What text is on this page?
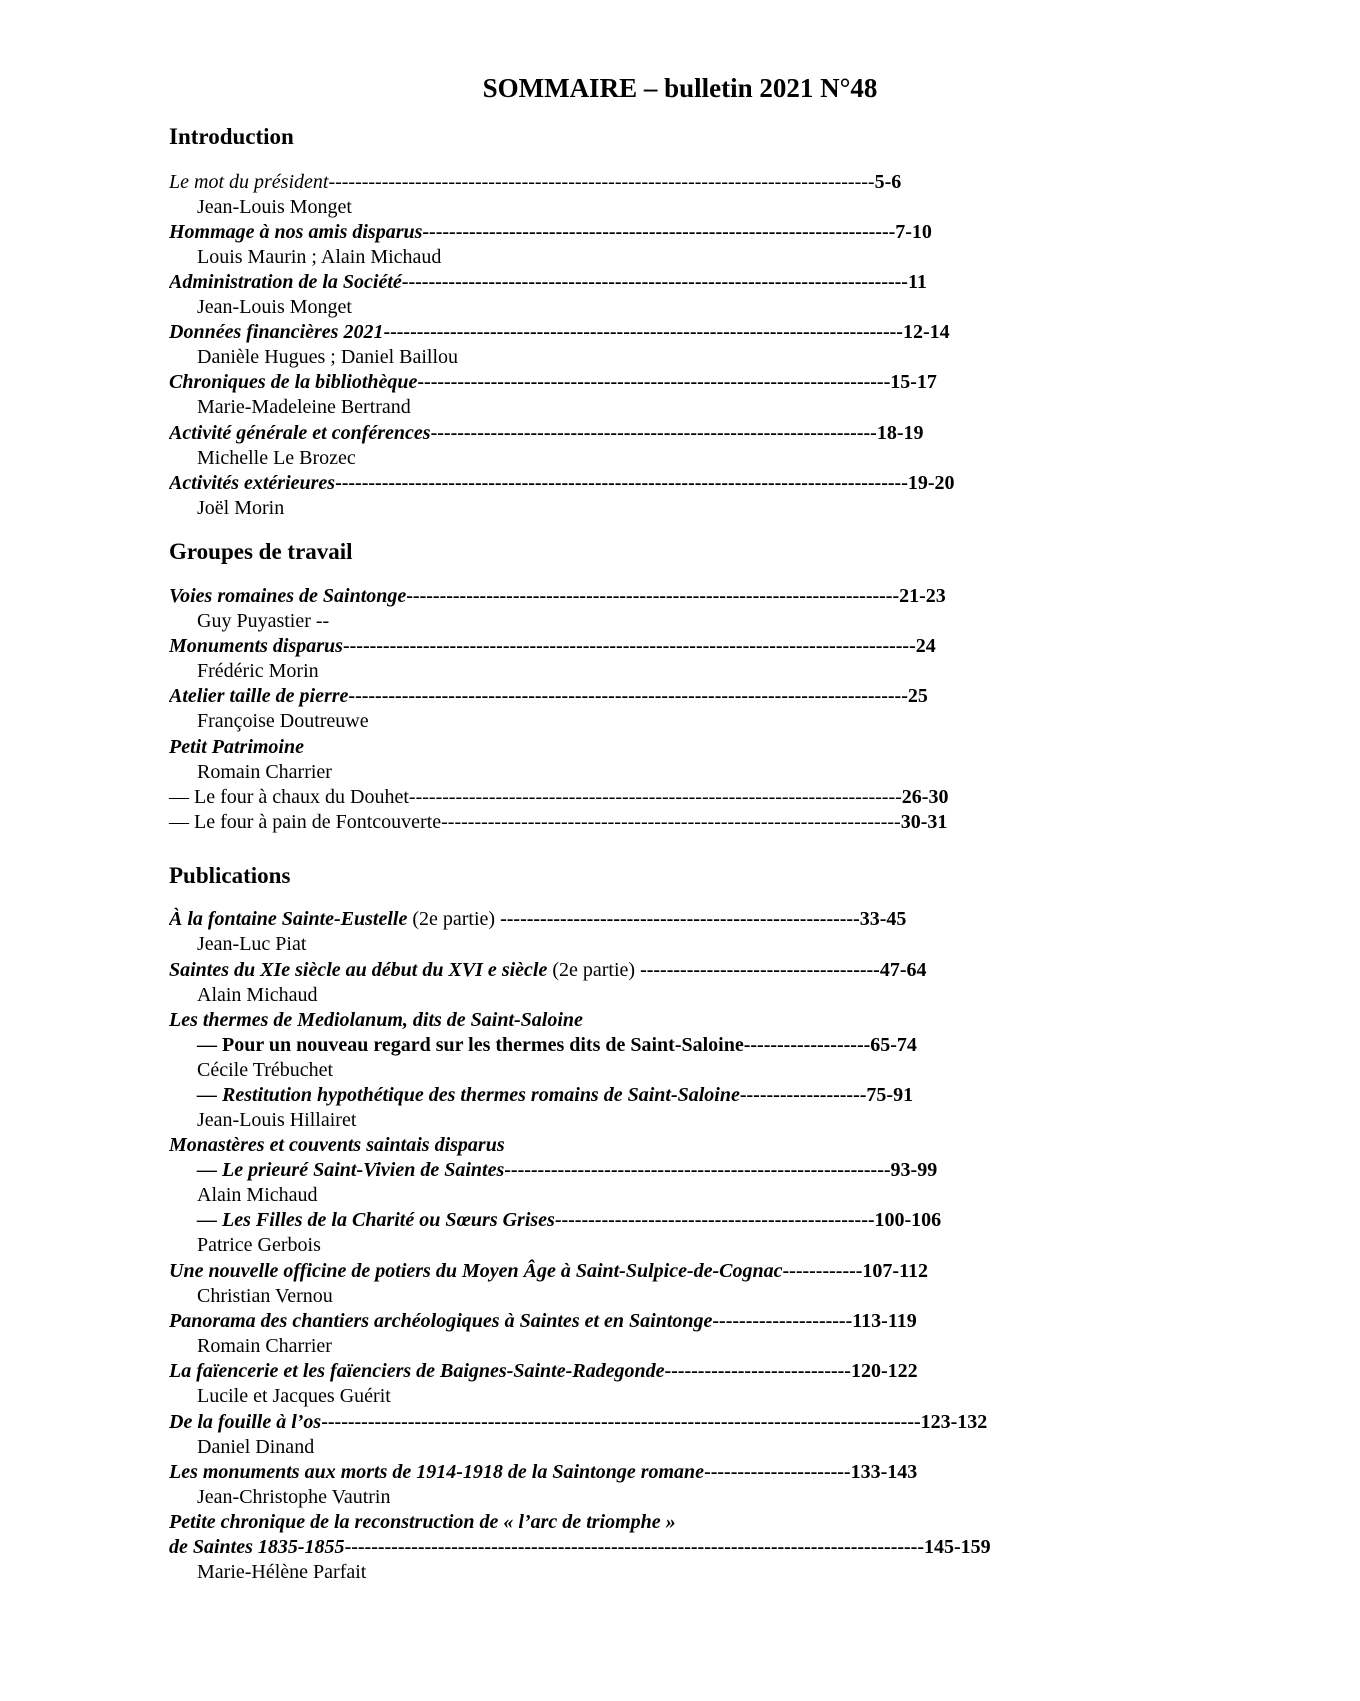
SOMMAIRE – bulletin 2021 N°48
Introduction
Le mot du président----------------------------------------------------------------------------------5-6
Jean-Louis Monget
Hommage à nos amis disparus-----------------------------------------------------------------------7-10
Louis Maurin ; Alain Michaud
Administration de la Société----------------------------------------------------------------------------11
Jean-Louis Monget
Données financières 2021------------------------------------------------------------------------------12-14
Danièle Hugues ; Daniel Baillou
Chroniques de la bibliothèque-----------------------------------------------------------------------15-17
Marie-Madeleine Bertrand
Activité générale et conférences-------------------------------------------------------------------18-19
Michelle Le Brozec
Activités extérieures--------------------------------------------------------------------------------------19-20
Joël Morin
Groupes de travail
Voies romaines de Saintonge--------------------------------------------------------------------------21-23
Guy Puyastier --
Monuments disparus--------------------------------------------------------------------------------------24
Frédéric Morin
Atelier taille de pierre------------------------------------------------------------------------------------25
Françoise Doutreuwe
Petit Patrimoine
Romain Charrier
— Le four à chaux du Douhet--------------------------------------------------------------------------26-30
— Le four à pain de Fontcouverte---------------------------------------------------------------------30-31
Publications
À la fontaine Sainte-Eustelle (2e partie) ------------------------------------------------------33-45
Jean-Luc Piat
Saintes du XIe siècle au début du XVI e siècle (2e partie) ------------------------------------47-64
Alain Michaud
Les thermes de Mediolanum, dits de Saint-Saloine
— Pour un nouveau regard sur les thermes dits de Saint-Saloine-------------------65-74
Cécile Trébuchet
— Restitution hypothétique des thermes romains de Saint-Saloine-------------------75-91
Jean-Louis Hillairet
Monastères et couvents saintais disparus
— Le prieuré Saint-Vivien de Saintes----------------------------------------------------------93-99
Alain Michaud
— Les Filles de la Charité ou Sœurs Grises------------------------------------------------100-106
Patrice Gerbois
Une nouvelle officine de potiers du Moyen Âge à Saint-Sulpice-de-Cognac------------107-112
Christian Vernou
Panorama des chantiers archéologiques à Saintes et en Saintonge---------------------113-119
Romain Charrier
La faïencerie et les faïenciers de Baignes-Sainte-Radegonde----------------------------120-122
Lucile et Jacques Guérit
De la fouille à l’os------------------------------------------------------------------------------------------123-132
Daniel Dinand
Les monuments aux morts de 1914-1918 de la Saintonge romane----------------------133-143
Jean-Christophe Vautrin
Petite chronique de la reconstruction de « l’arc de triomphe »
de Saintes 1835-1855---------------------------------------------------------------------------------------145-159
Marie-Hélène Parfait
